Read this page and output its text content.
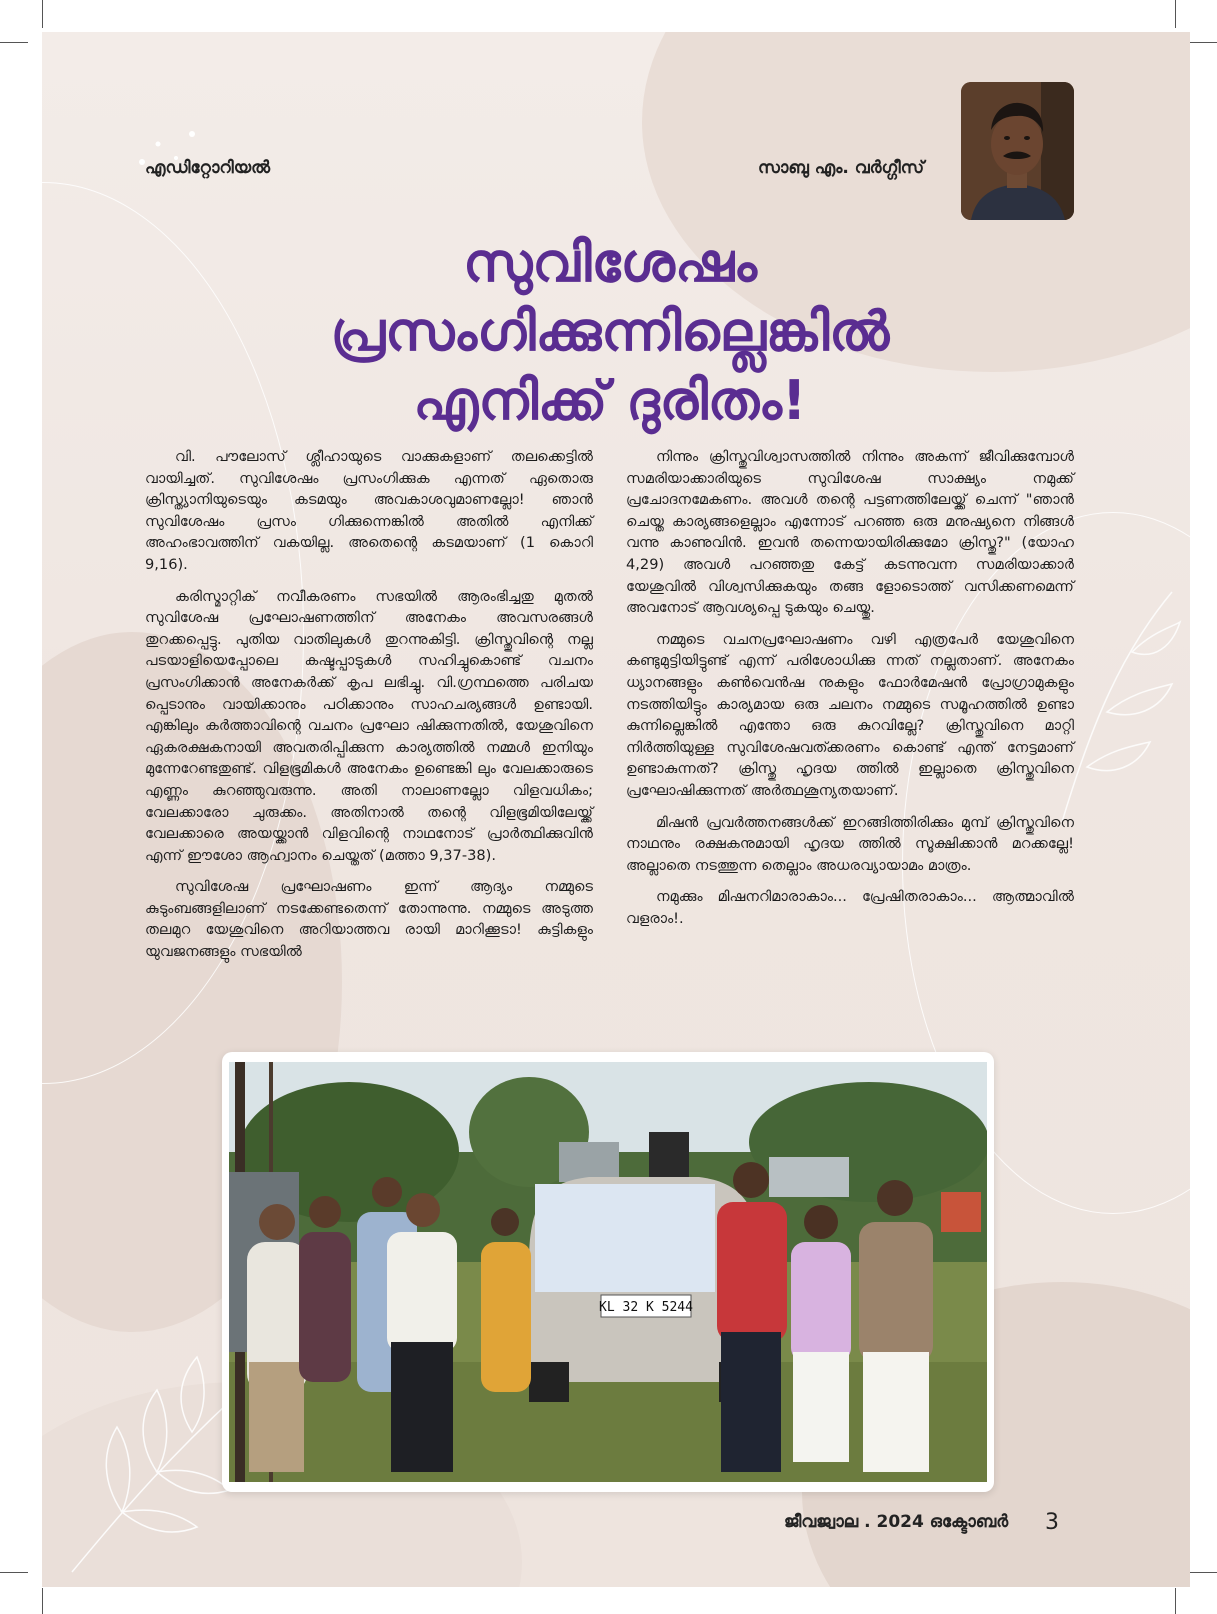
എഡിറ്റോറിയൽ	സാബു എം. വർഗ്ഗീസ്
സുവിശേഷം
പ്രസംഗിക്കുന്നില്ലെങ്കിൽ
എനിക്ക് ദുരിതം!

വി. പൗലോസ് ശ്ലീഹായുടെ വാക്കുകളാണ് തലക്കെട്ടിൽ വായിച്ചത്. സുവിശേഷം പ്രസംഗിക്കുക എന്നത് ഏതൊരു ക്രിസ്ത്യാനിയുടെയും കടമയും അവകാശവുമാണല്ലോ! ഞാൻ സുവിശേഷം പ്രസം ഗിക്കുന്നെങ്കിൽ അതിൽ എനിക്ക് അഹംഭാവത്തിന് വകയില്ല. അതെന്റെ കടമയാണ് (1 കൊറി 9,16).

കരിസ്മാറ്റിക് നവീകരണം സഭയിൽ ആരംഭിച്ചതു മുതൽ സുവിശേഷ പ്രഘോഷണത്തിന് അനേകം അവസരങ്ങൾ തുറക്കപ്പെട്ടു. പുതിയ വാതിലുകൾ തുറന്നുകിട്ടി. ക്രിസ്തുവിന്റെ നല്ല പടയാളിയെപ്പോലെ കഷ്ടപ്പാടുകൾ സഹിച്ചുകൊണ്ട് വചനം പ്രസംഗിക്കാൻ അനേകർക്ക് കൃപ ലഭിച്ചു. വി.ഗ്രന്ഥത്തെ പരിചയ പ്പെടാനും വായിക്കാനും പഠിക്കാനും സാഹചര്യങ്ങൾ ഉണ്ടായി. എങ്കിലും കർത്താവിന്റെ വചനം പ്രഘോ ഷിക്കുന്നതിൽ, യേശുവിനെ ഏകരക്ഷകനായി അവതരിപ്പിക്കുന്ന കാര്യത്തിൽ നമ്മൾ ഇനിയും മുന്നേറേണ്ടതുണ്ട്. വിളഭൂമികൾ അനേകം ഉണ്ടെങ്കി ലും വേലക്കാരുടെ എണ്ണം കുറഞ്ഞുവരുന്നു. അതി നാലാണല്ലോ വിളവധികം; വേലക്കാരോ ചുരുക്കം. അതിനാൽ തന്റെ വിളഭൂമിയിലേയ്ക്ക് വേലക്കാരെ അയയ്ക്കാൻ വിളവിന്റെ നാഥനോട് പ്രാർത്ഥിക്കുവിൻ എന്ന് ഈശോ ആഹ്വാനം ചെയ്തത് (മത്താ 9,37-38).

സുവിശേഷ പ്രഘോഷണം ഇന്ന് ആദ്യം നമ്മുടെ കുടുംബങ്ങളിലാണ് നടക്കേണ്ടതെന്ന് തോന്നുന്നു. നമ്മുടെ അടുത്ത തലമുറ യേശുവിനെ അറിയാത്തവ രായി മാറിക്കൂടാ! കുട്ടികളും യുവജനങ്ങളും സഭയിൽ

നിന്നും ക്രിസ്തുവിശ്വാസത്തിൽ നിന്നും അകന്ന് ജീവിക്കുമ്പോൾ സമരിയാക്കാരിയുടെ സുവിശേഷ സാക്ഷ്യം നമുക്ക് പ്രചോദനമേകണം. അവൾ തന്റെ പട്ടണത്തിലേയ്ക്ക് ചെന്ന് "ഞാൻ ചെയ്ത കാര്യങ്ങളെല്ലാം എന്നോട് പറഞ്ഞ ഒരു മനുഷ്യനെ നിങ്ങൾ വന്നു കാണുവിൻ. ഇവൻ തന്നെയായിരിക്കുമോ ക്രിസ്തു?" (യോഹ 4,29) അവൾ പറഞ്ഞതു കേട്ട് കടന്നുവന്ന സമരിയാക്കാർ യേശുവിൽ വിശ്വസിക്കുകയും തങ്ങ ളോടൊത്ത് വസിക്കണമെന്ന് അവനോട് ആവശ്യപ്പെ ടുകയും ചെയ്തു.

നമ്മുടെ വചനപ്രഘോഷണം വഴി എത്രപേർ യേശുവിനെ കണ്ടുമുട്ടിയിട്ടുണ്ട് എന്ന് പരിശോധിക്കു ന്നത് നല്ലതാണ്. അനേകം ധ്യാനങ്ങളും കൺവെൻഷ നുകളും ഫോർമേഷൻ പ്രോഗ്രാമുകളും നടത്തിയിട്ടും കാര്യമായ ഒരു ചലനം നമ്മുടെ സമൂഹത്തിൽ ഉണ്ടാ കുന്നില്ലെങ്കിൽ എന്തോ ഒരു കുറവില്ലേ? ക്രിസ്തുവിനെ മാറ്റി നിർത്തിയുള്ള സുവിശേഷവത്ക്കരണം കൊണ്ട് എന്ത് നേട്ടമാണ് ഉണ്ടാകുന്നത്? ക്രിസ്തു ഹൃദയ ത്തിൽ ഇല്ലാതെ ക്രിസ്തുവിനെ പ്രഘോഷിക്കുന്നത് അർത്ഥശൂന്യതയാണ്.

മിഷൻ പ്രവർത്തനങ്ങൾക്ക് ഇറങ്ങിത്തിരിക്കും മുമ്പ് ക്രിസ്തുവിനെ നാഥനും രക്ഷകനുമായി ഹൃദയ ത്തിൽ സൂക്ഷിക്കാൻ മറക്കല്ലേ! അല്ലാതെ നടത്തുന്ന തെല്ലാം അധരവ്യായാമം മാത്രം.

നമുക്കും മിഷനറിമാരാകാം... പ്രേഷിതരാകാം... ആത്മാവിൽ വളരാം!.

KL 32 K 5244
ജീവജ്വാല . 2024 ഒക്ടോബർ 3
